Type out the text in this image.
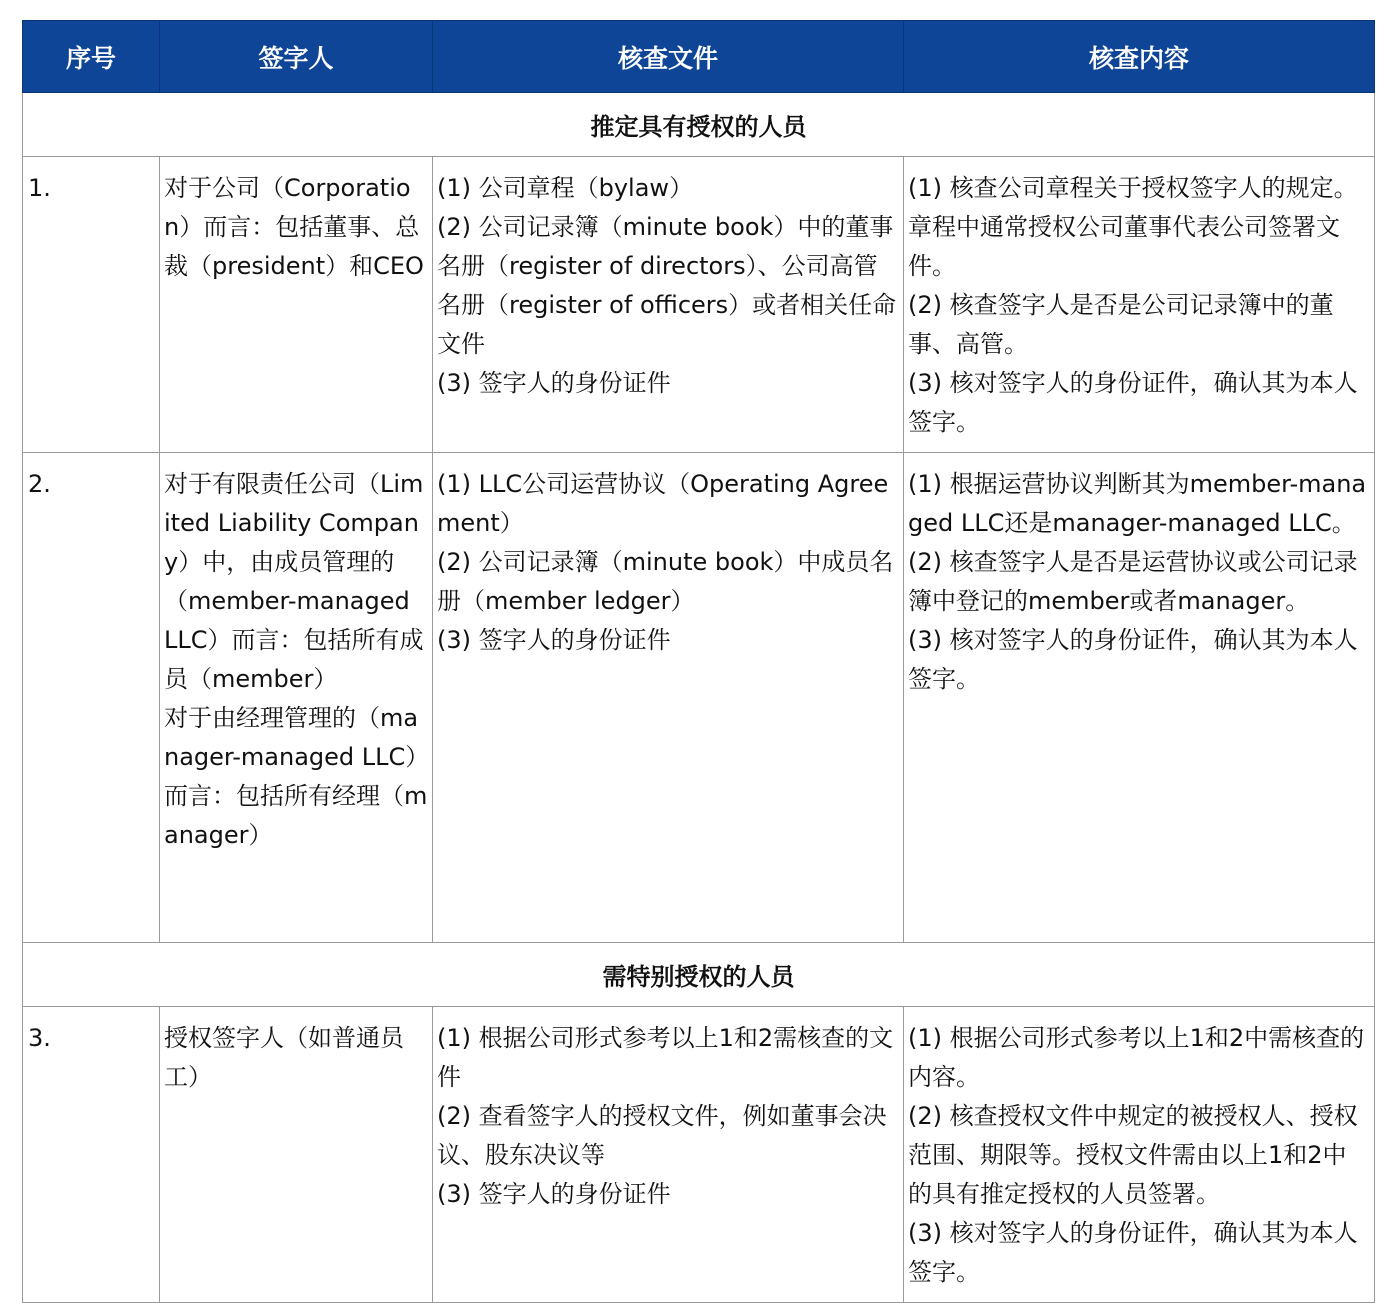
序号	签字人	核查文件	核查内容
推定具有授权的人员			
1.	对于公司（Corporation）而言：包括董事、总裁（president）和CEO	(1) 公司章程（bylaw）
(2) 公司记录簿（minute book）中的董事名册（register of directors）、公司高管名册（register of officers）或者相关任命文件
(3) 签字人的身份证件	(1) 核查公司章程关于授权签字人的规定。章程中通常授权公司董事代表公司签署文件。
(2) 核查签字人是否是公司记录簿中的董事、高管。
(3) 核对签字人的身份证件，确认其为本人签字。

2.	对于有限责任公司（Limited Liability Company）中，由成员管理的（member-managed LLC）而言：包括所有成员（member）
对于由经理管理的（manager-managed LLC）而言：包括所有经理（manager）	(1) LLC公司运营协议（Operating Agreement）
(2) 公司记录簿（minute book）中成员名册（member ledger）
(3) 签字人的身份证件	(1) 根据运营协议判断其为member-managed LLC还是manager-managed LLC。
(2) 核查签字人是否是运营协议或公司记录簿中登记的member或者manager。
(3) 核对签字人的身份证件，确认其为本人签字。

需特别授权的人员			
3.	授权签字人（如普通员工）	(1) 根据公司形式参考以上1和2需核查的文件
(2) 查看签字人的授权文件，例如董事会决议、股东决议等
(3) 签字人的身份证件	(1) 根据公司形式参考以上1和2中需核查的内容。
(2) 核查授权文件中规定的被授权人、授权范围、期限等。授权文件需由以上1和2中的具有推定授权的人员签署。
(3) 核对签字人的身份证件，确认其为本人签字。
